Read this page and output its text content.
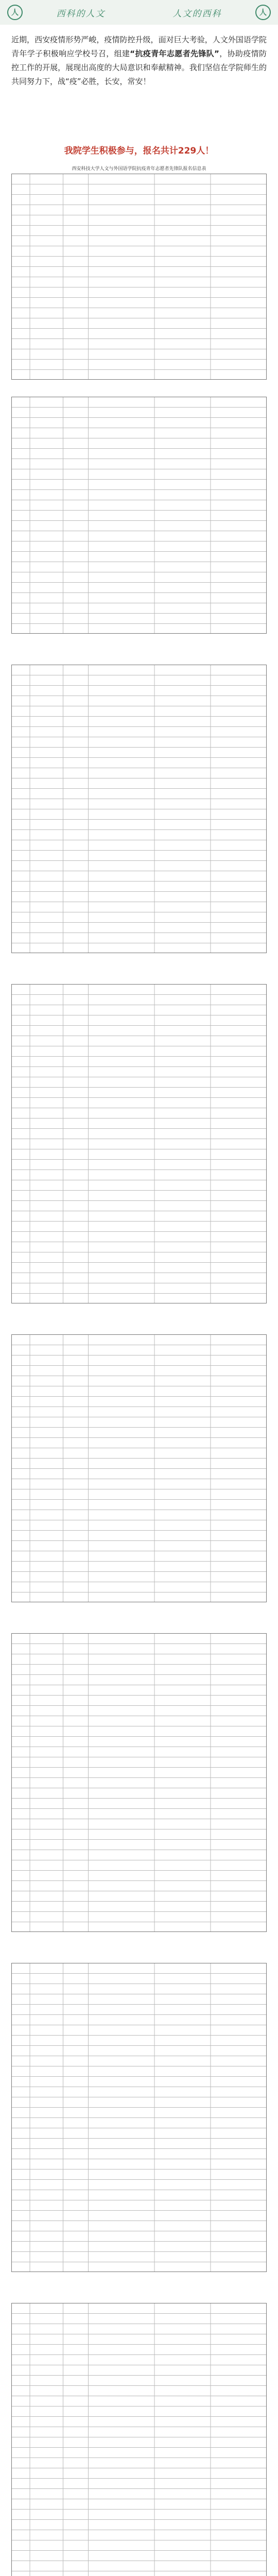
人	西科的人文	人文的西科	人

近期，西安疫情形势严峻，疫情防控升级，面对巨大考验，人文外国语学院青年学子积极响应学校号召，组建“抗疫青年志愿者先锋队”，协助疫情防控工作的开展，展现出高度的大局意识和奉献精神。我们坚信在学院师生的共同努力下，战“疫”必胜，长安，常安！

我院学生积极参与，报名共计229人！
西安科技大学人文与外国语学院抗疫青年志愿者先锋队报名信息表
